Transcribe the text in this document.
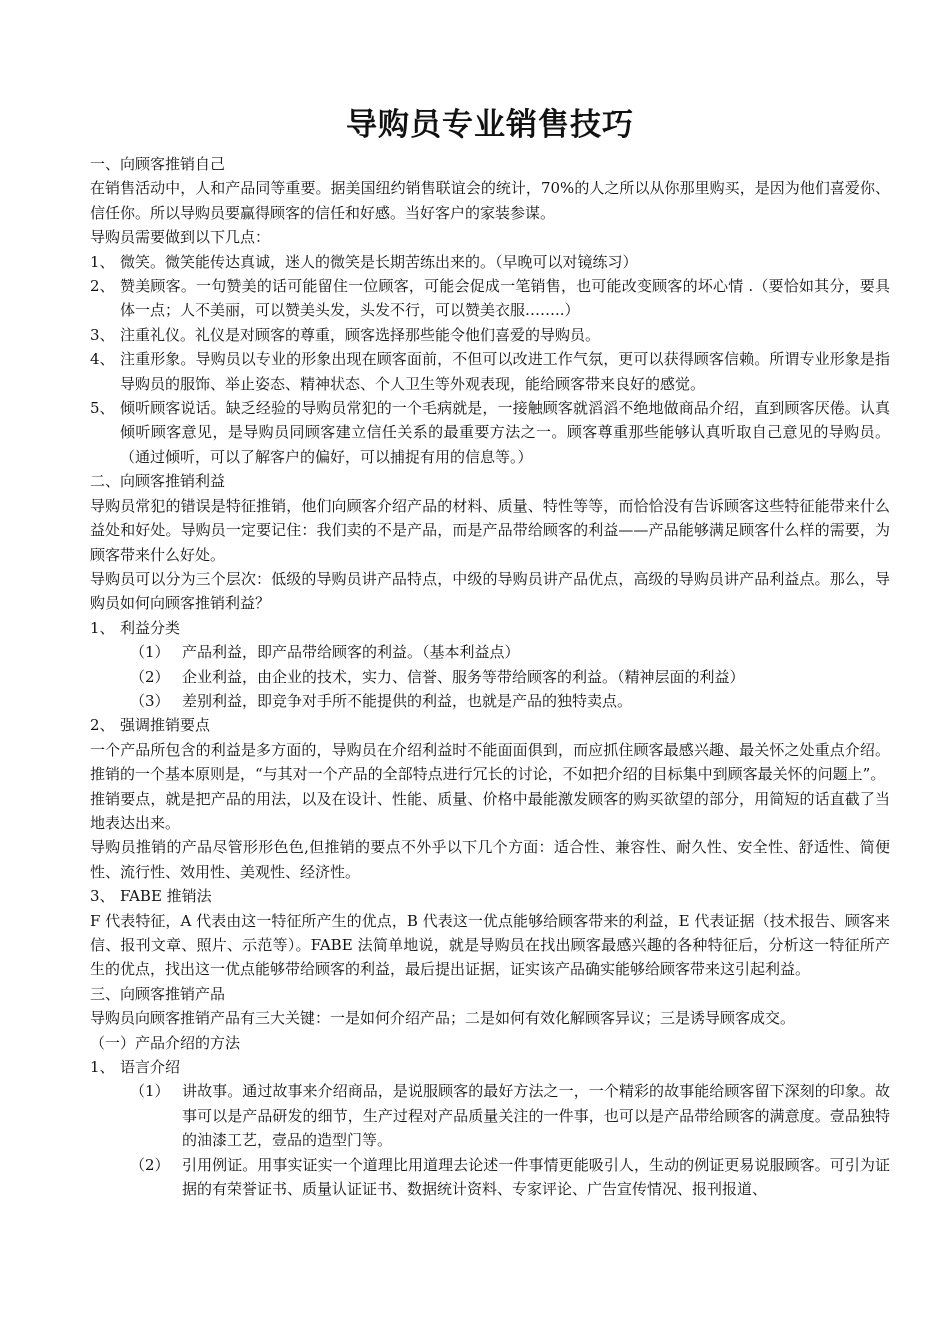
导购员专业销售技巧

一、向顾客推销自己

在销售活动中，人和产品同等重要。据美国纽约销售联谊会的统计，70%的人之所以从你那里购买，是因为他们喜爱你、信任你。所以导购员要赢得顾客的信任和好感。当好客户的家装参谋。

导购员需要做到以下几点：

1、 微笑。微笑能传达真诚，迷人的微笑是长期苦练出来的。（早晚可以对镜练习）
2、 赞美顾客。一句赞美的话可能留住一位顾客，可能会促成一笔销售，也可能改变顾客的坏心情 .（要恰如其分，要具体一点；人不美丽，可以赞美头发，头发不行，可以赞美衣服……..）
3、 注重礼仪。礼仪是对顾客的尊重，顾客选择那些能令他们喜爱的导购员。
4、 注重形象。导购员以专业的形象出现在顾客面前，不但可以改进工作气氛，更可以获得顾客信赖。所谓专业形象是指导购员的服饰、举止姿态、精神状态、个人卫生等外观表现，能给顾客带来良好的感觉。
5、 倾听顾客说话。缺乏经验的导购员常犯的一个毛病就是，一接触顾客就滔滔不绝地做商品介绍，直到顾客厌倦。认真倾听顾客意见，是导购员同顾客建立信任关系的最重要方法之一。顾客尊重那些能够认真听取自己意见的导购员。（通过倾听，可以了解客户的偏好，可以捕捉有用的信息等。）

二、向顾客推销利益

导购员常犯的错误是特征推销，他们向顾客介绍产品的材料、质量、特性等等，而恰恰没有告诉顾客这些特征能带来什么益处和好处。导购员一定要记住：我们卖的不是产品，而是产品带给顾客的利益——产品能够满足顾客什么样的需要，为顾客带来什么好处。

导购员可以分为三个层次：低级的导购员讲产品特点，中级的导购员讲产品优点，高级的导购员讲产品利益点。那么，导购员如何向顾客推销利益？

1、 利益分类
（1） 产品利益，即产品带给顾客的利益。（基本利益点）
（2） 企业利益，由企业的技术，实力、信誉、服务等带给顾客的利益。（精神层面的利益）
（3） 差别利益，即竞争对手所不能提供的利益，也就是产品的独特卖点。
2、 强调推销要点

一个产品所包含的利益是多方面的，导购员在介绍利益时不能面面俱到，而应抓住顾客最感兴趣、最关怀之处重点介绍。推销的一个基本原则是，“与其对一个产品的全部特点进行冗长的讨论，不如把介绍的目标集中到顾客最关怀的问题上”。

推销要点，就是把产品的用法，以及在设计、性能、质量、价格中最能激发顾客的购买欲望的部分，用简短的话直截了当地表达出来。

导购员推销的产品尽管形形色色,但推销的要点不外乎以下几个方面：适合性、兼容性、耐久性、安全性、舒适性、简便性、流行性、效用性、美观性、经济性。

3、 FABE 推销法

F 代表特征，A 代表由这一特征所产生的优点，B 代表这一优点能够给顾客带来的利益，E 代表证据（技术报告、顾客来信、报刊文章、照片、示范等）。FABE 法简单地说，就是导购员在找出顾客最感兴趣的各种特征后，分析这一特征所产生的优点，找出这一优点能够带给顾客的利益，最后提出证据，证实该产品确实能够给顾客带来这引起利益。

三、向顾客推销产品

导购员向顾客推销产品有三大关键：一是如何介绍产品；二是如何有效化解顾客异议；三是诱导顾客成交。

（一）产品介绍的方法

1、 语言介绍
（1） 讲故事。通过故事来介绍商品，是说服顾客的最好方法之一，一个精彩的故事能给顾客留下深刻的印象。故事可以是产品研发的细节，生产过程对产品质量关注的一件事，也可以是产品带给顾客的满意度。壹品独特的油漆工艺，壹品的造型门等。
（2） 引用例证。用事实证实一个道理比用道理去论述一件事情更能吸引人，生动的例证更易说服顾客。可引为证据的有荣誉证书、质量认证证书、数据统计资料、专家评论、广告宣传情况、报刊报道、
